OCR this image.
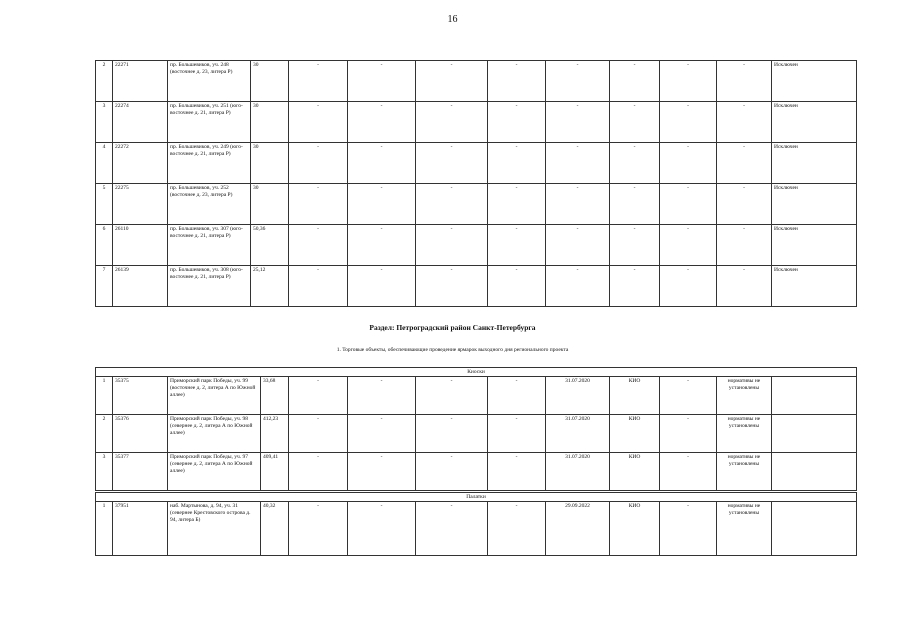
16
2	22271	пр. Большевиков, уч. 248 (восточнее д. 23, литера Р)	30	-	-	-	-	-	-	-	-	Исключен
3	22274	пр. Большевиков, уч. 251 (юго-восточнее д. 21, литера Р)	30	-	-	-	-	-	-	-	-	Исключен
4	22272	пр. Большевиков, уч. 249 (юго-восточнее д. 21, литера Р)	30	-	-	-	-	-	-	-	-	Исключен
5	22275	пр. Большевиков, уч. 252 (восточнее д. 23, литера Р)	30	-	-	-	-	-	-	-	-	Исключен
6	26110	пр. Большевиков, уч. 307 (юго-восточнее д. 21, литера Р)	50,36	-	-	-	-	-	-	-	-	Исключен
7	26139	пр. Большевиков, уч. 308 (юго-восточнее д. 21, литера Р)	25,12	-	-	-	-	-	-	-	-	Исключен
Раздел: Петроградский район Санкт-Петербурга
1. Торговые объекты, обеспечивающие проведение ярмарок выходного дня регионального проекта
Киоски												
1	35375	Приморский парк Победы, уч. 99 (восточнее д. 2, литера А по Южной аллее)	33,68	-	-	-	-	31.07.2020	КИО	-	нормативы не установлены	
2	35376	Приморский парк Победы, уч. 98 (севернее д. 2, литера А по Южной аллее)	412,23	-	-	-	-	31.07.2020	КИО	-	нормативы не установлены	
3	35377	Приморский парк Победы, уч. 97 (севернее д. 2, литера А по Южной аллее)	409,41	-	-	-	-	31.07.2020	КИО	-	нормативы не установлены	
Палатки
1	37951	наб. Мартынова, д. 94, уч. 31 (севернее Крестовского острова д. 94, литера Б)	40,32	-	-	-	-	29.09.2022	КИО	-	нормативы не установлены	
